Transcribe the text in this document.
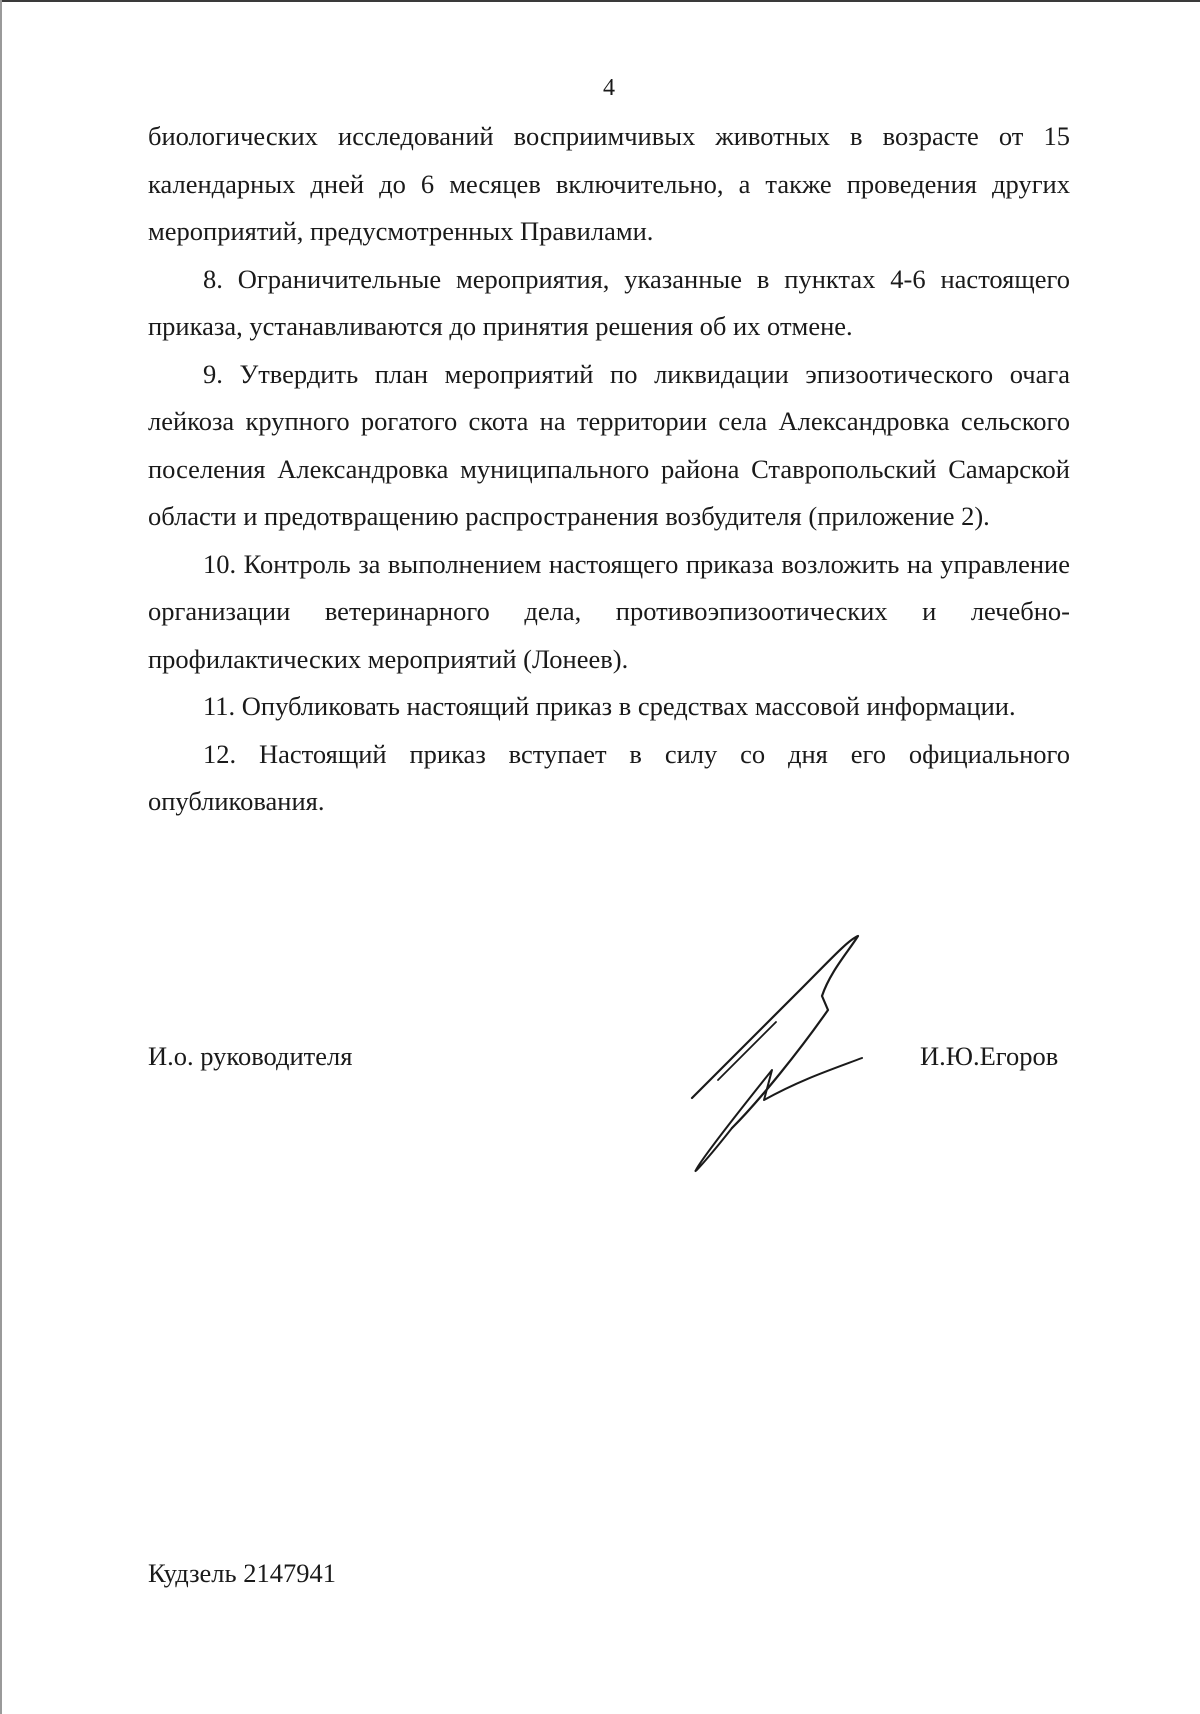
4

биологических исследований восприимчивых животных в возрасте от 15 календарных дней до 6 месяцев включительно, а также проведения других мероприятий, предусмотренных Правилами.

8. Ограничительные мероприятия, указанные в пунктах 4-6 настоящего приказа, устанавливаются до принятия решения об их отмене.

9. Утвердить план мероприятий по ликвидации эпизоотического очага лейкоза крупного рогатого скота на территории села Александровка сельского поселения Александровка муниципального района Ставропольский Самарской области и предотвращению распространения возбудителя (приложение 2).

10. Контроль за выполнением настоящего приказа возложить на управление организации ветеринарного дела, противоэпизоотических и лечебно-профилактических мероприятий (Лонеев).

11. Опубликовать настоящий приказ в средствах массовой информации.

12. Настоящий приказ вступает в силу со дня его официального опубликования.

И.о. руководителя	И.Ю.Егоров
Кудзель 2147941
